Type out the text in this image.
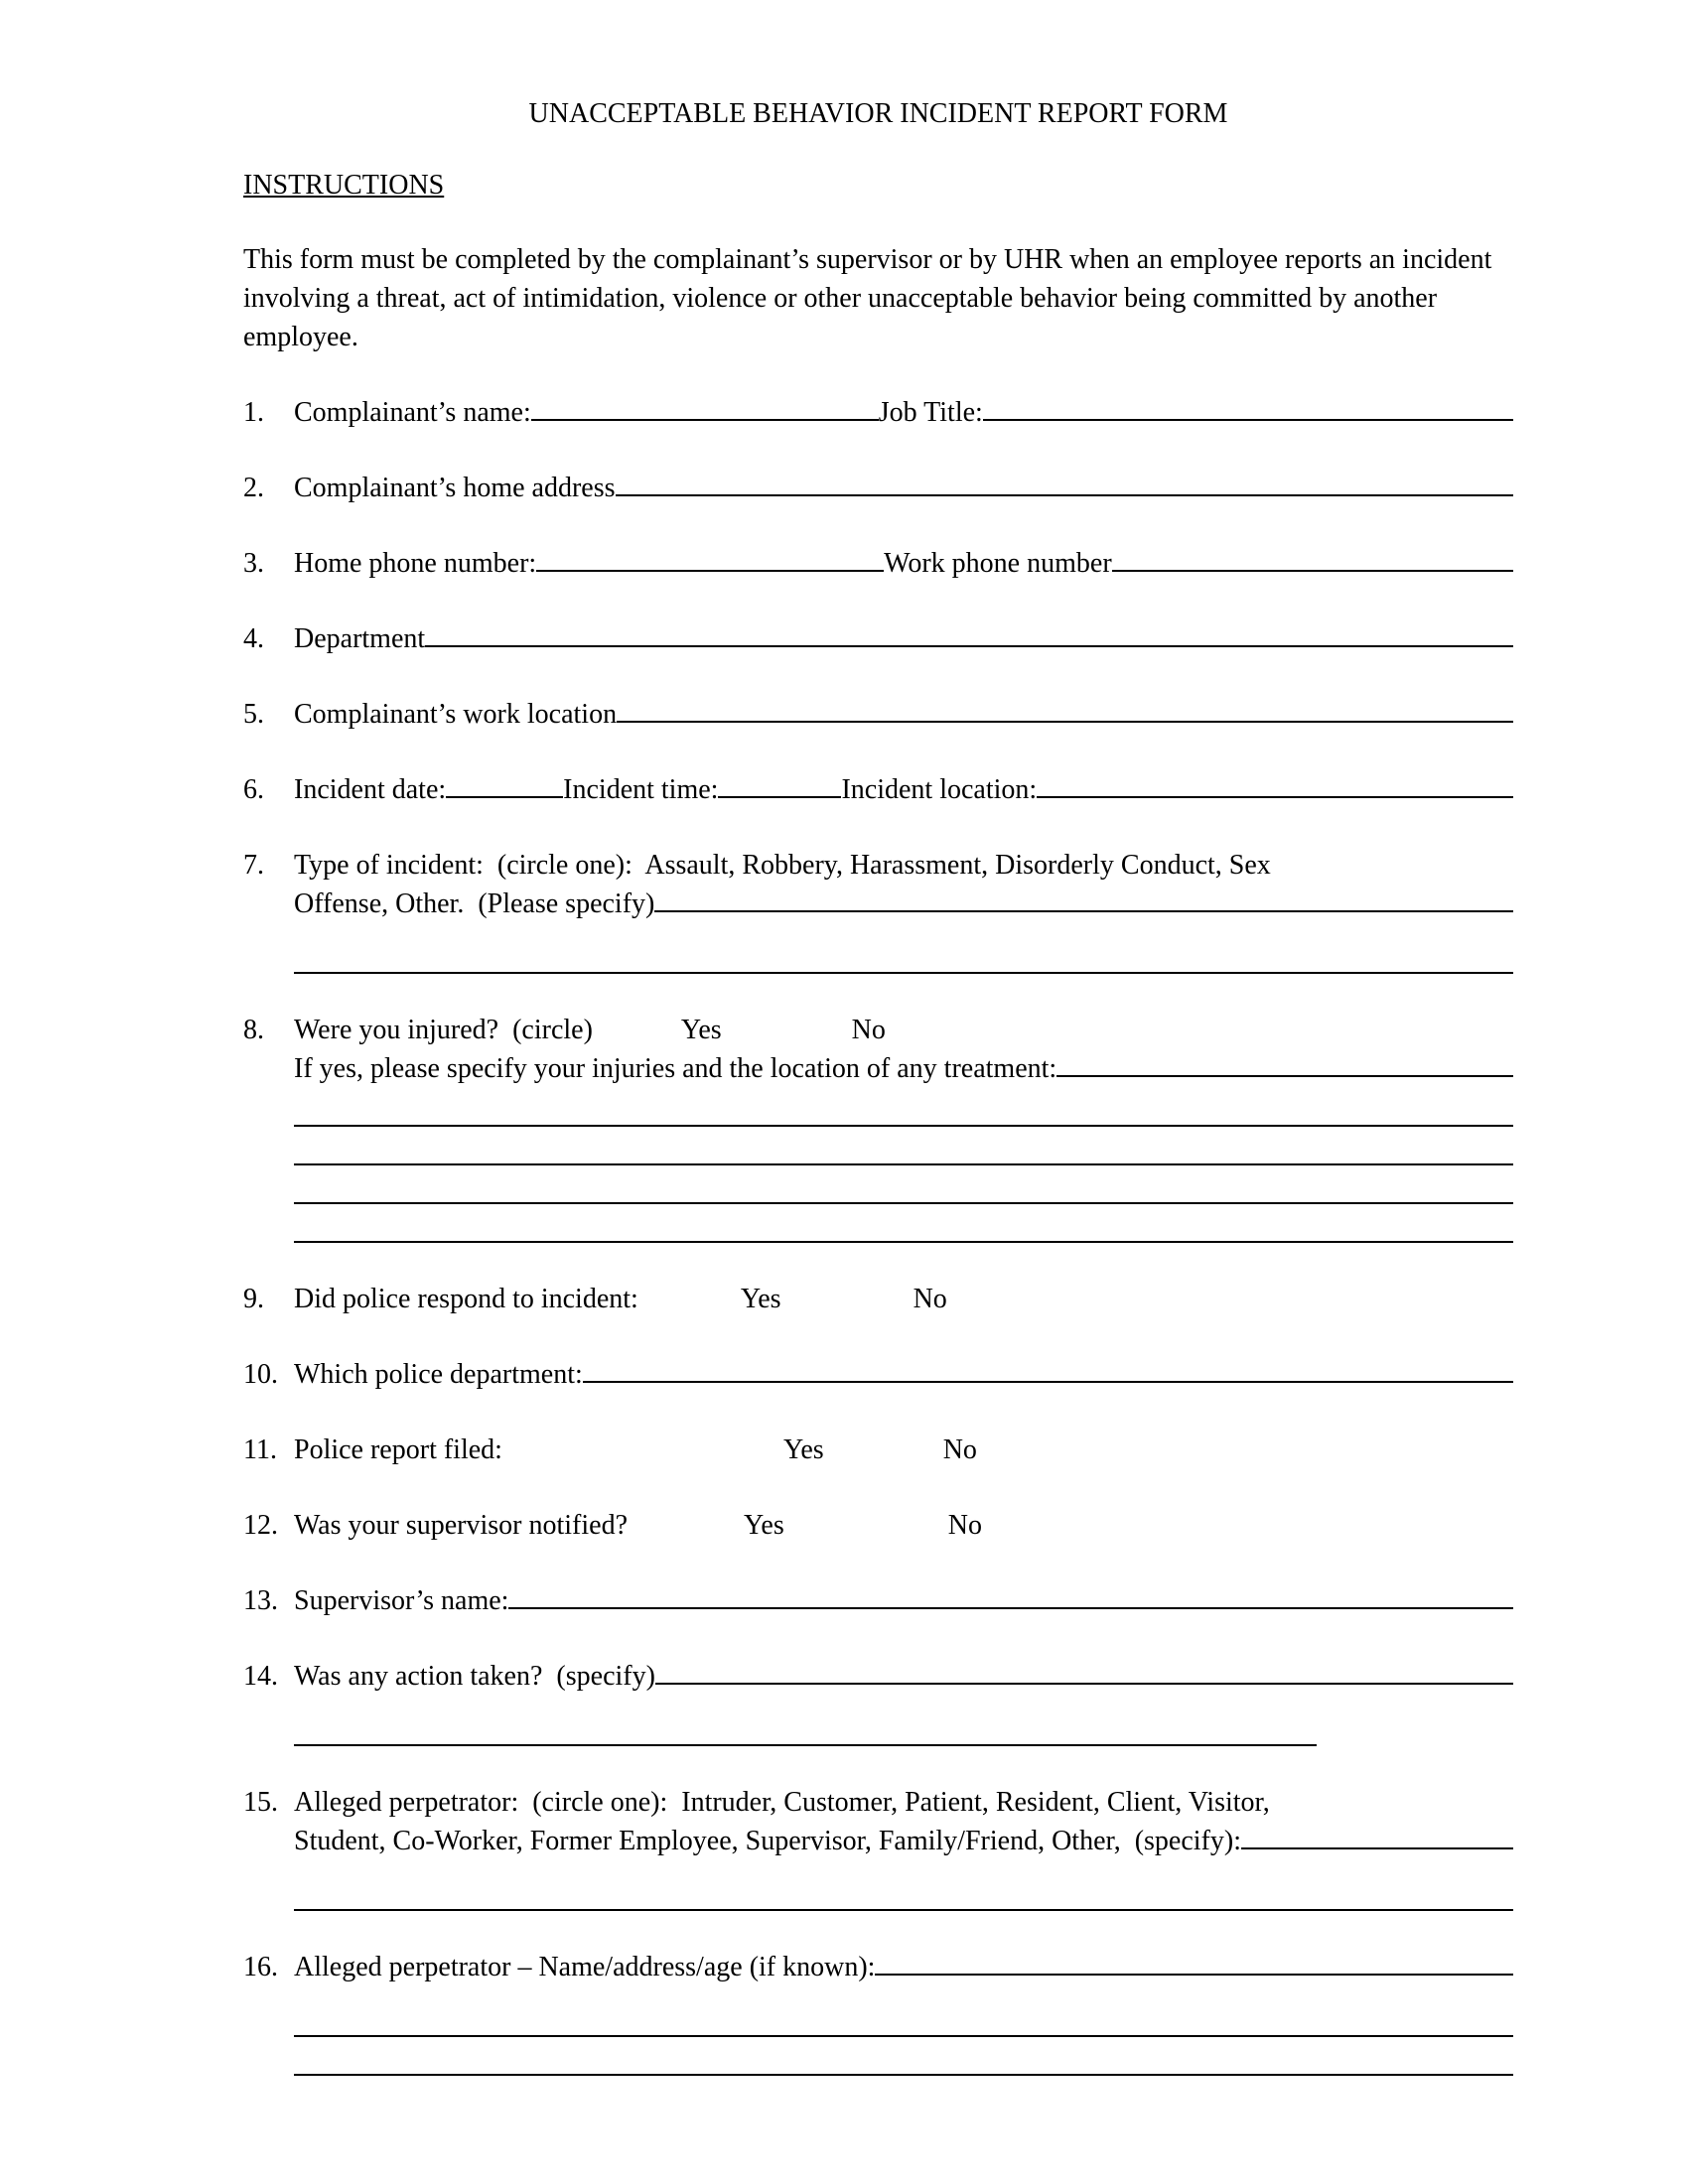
UNACCEPTABLE BEHAVIOR INCIDENT REPORT FORM
INSTRUCTIONS
This form must be completed by the complainant’s supervisor or by UHR when an employee reports an incident involving a threat, act of intimidation, violence or other unacceptable behavior being committed by another employee.
1.	Complainant’s name:	Job Title:
2.	Complainant’s home address
3.	Home phone number:	Work phone number
4.	Department
5.	Complainant’s work location
6.	Incident date:	Incident time:	Incident location:
7.	Type of incident:  (circle one):  Assault, Robbery, Harassment, Disorderly Conduct, Sex
Offense, Other.  (Please specify)
8.	Were you injured?  (circle)	Yes	No
If yes, please specify your injuries and the location of any treatment:
9.	Did police respond to incident:	Yes	No
10. Which police department:
11. Police report filed:	Yes	No
12. Was your supervisor notified?	Yes	No
13. Supervisor’s name:
14. Was any action taken?  (specify)
15. Alleged perpetrator:  (circle one):  Intruder, Customer, Patient, Resident, Client, Visitor,
Student, Co-Worker, Former Employee, Supervisor, Family/Friend, Other,  (specify):
16. Alleged perpetrator – Name/address/age (if known):
